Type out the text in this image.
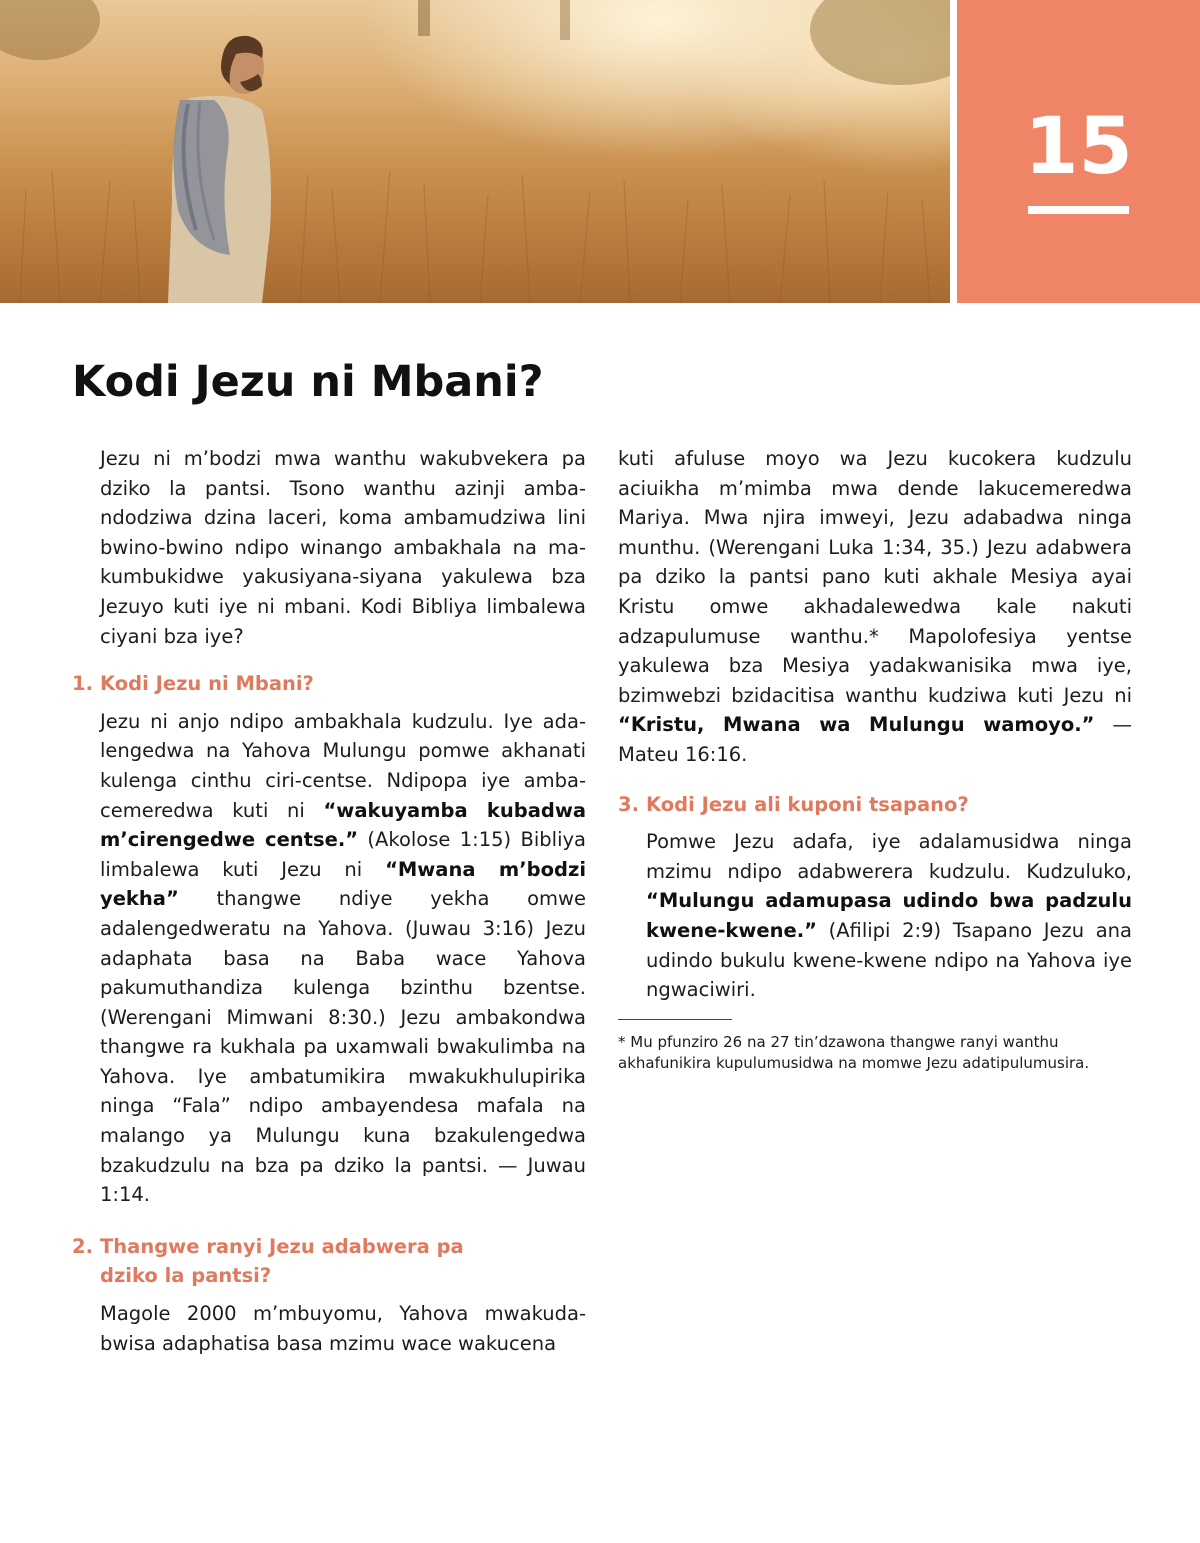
15
Kodi Jezu ni Mbani?

Jezu ni m’bodzi mwa wanthu wakubvekera pa dziko la pantsi. Tsono wanthu azinji ambandodziwa dzina laceri, koma ambamudziwa lini bwino-bwino ndipo winango ambakhala na makumbukidwe yakusiyana-siyana yakulewa bza Jezuyo kuti iye ni mbani. Kodi Bibliya limbalewa ciyani bza iye?

1. Kodi Jezu ni Mbani?

Jezu ni anjo ndipo ambakhala kudzulu. Iye adalengedwa na Yahova Mulungu pomwe akhanati kulenga cinthu ciri-centse. Ndipopa iye ambacemeredwa kuti ni “wakuyamba kubadwa m’cirengedwe centse.” (Akolose 1:15) Bibliya limbalewa kuti Jezu ni “Mwana m’bodzi yekha” thangwe ndiye yekha omwe adalengedweratu na Yahova. (Juwau 3:16) Jezu adaphata basa na Baba wace Yahova pakumuthandiza kulenga bzinthu bzentse. (Werengani Mimwani 8:30.) Jezu ambakondwa thangwe ra kukhala pa uxamwali bwakulimba na Yahova. Iye ambatumikira mwakukhulupirika ninga “Fala” ndipo ambayendesa mafala na malango ya Mulungu kuna bzakulengedwa bzakudzulu na bza pa dziko la pantsi. — Juwau 1:14.

2. Thangwe ranyi Jezu adabwera pa dziko la pantsi?

Magole 2000 m’mbuyomu, Yahova mwakudabwisa adaphatisa basa mzimu wace wakucena

kuti afuluse moyo wa Jezu kucokera kudzulu aciuikha m’mimba mwa dende lakucemeredwa Mariya. Mwa njira imweyi, Jezu adabadwa ninga munthu. (Werengani Luka 1:34, 35.) Jezu adabwera pa dziko la pantsi pano kuti akhale Mesiya ayai Kristu omwe akhadalewedwa kale nakuti adzapulumuse wanthu.* Mapolofesiya yentse yakulewa bza Mesiya yadakwanisika mwa iye, bzimwebzi bzidacitisa wanthu kudziwa kuti Jezu ni “Kristu, Mwana wa Mulungu wamoyo.” — Mateu 16:16.

3. Kodi Jezu ali kuponi tsapano?

Pomwe Jezu adafa, iye adalamusidwa ninga mzimu ndipo adabwerera kudzulu. Kudzuluko, “Mulungu adamupasa udindo bwa padzulu kwene-kwene.” (Afilipi 2:9) Tsapano Jezu ana udindo bukulu kwene-kwene ndipo na Yahova iye ngwaciwiri.

* Mu pfunziro 26 na 27 tin’dzawona thangwe ranyi wanthu akhafunikira kupulumusidwa na momwe Jezu adatipulumusira.
